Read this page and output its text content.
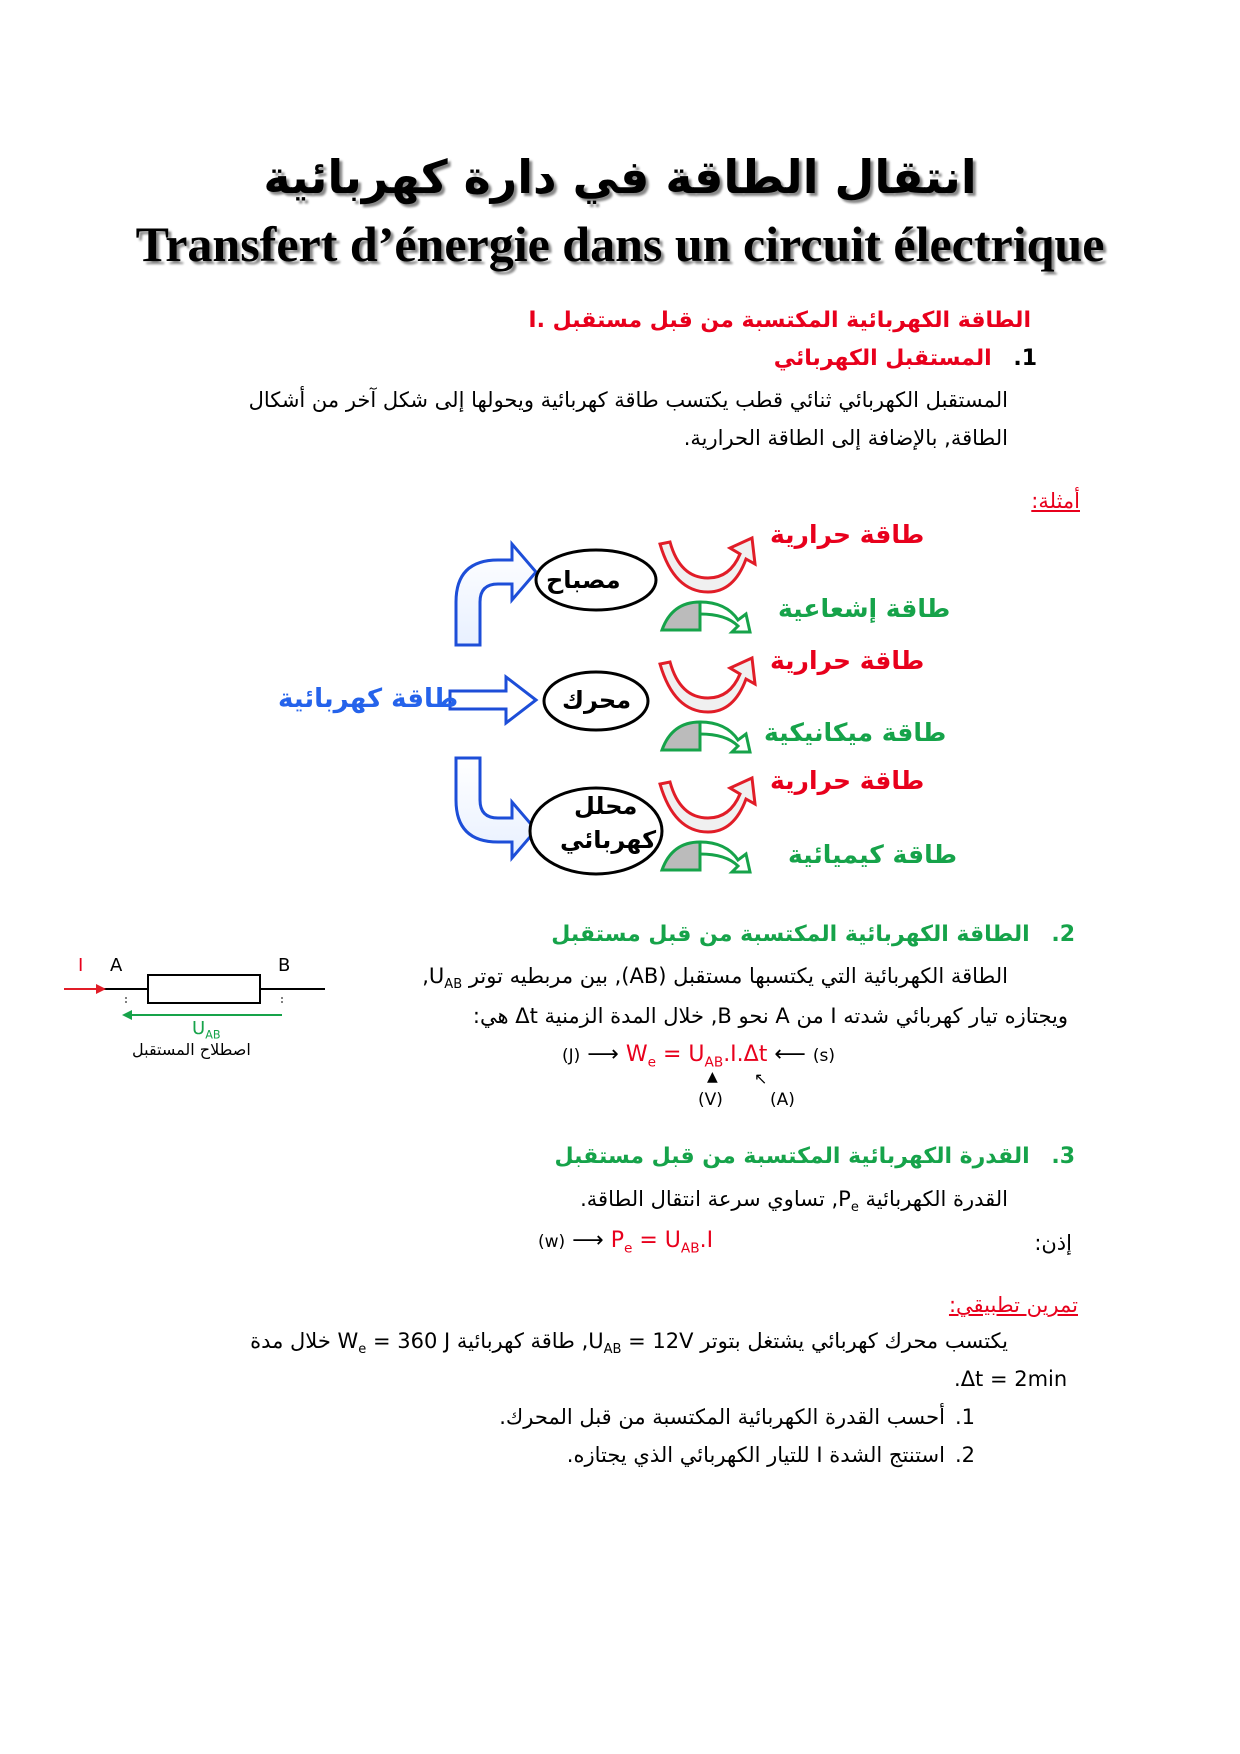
انتقال الطاقة في دارة كهربائية
Transfert d’énergie dans un circuit électrique
I. الطاقة الكهربائية المكتسبة من قبل مستقبل
1. المستقبل الكهربائي
المستقبل الكهربائي ثنائي قطب يكتسب طاقة كهربائية ويحولها إلى شكل آخر من أشكال
الطاقة, بالإضافة إلى الطاقة الحرارية.
أمثلة:
طاقة كهربائية
مصباح
محرك
محلل
كهربائي
طاقة حرارية
طاقة إشعاعية
طاقة حرارية
طاقة ميكانيكية
طاقة حرارية
طاقة كيميائية
2. الطاقة الكهربائية المكتسبة من قبل مستقبل
الطاقة الكهربائية التي يكتسبها مستقبل (AB), بين مربطيه توتر $U_{AB}$,
ويجتازه تيار كهربائي شدته I من A نحو B, خلال المدة الزمنية Δt هي:
(J) ⟶ $W_e = U_{AB}.I.\Delta t$ ⟵ (s)
▲ ↖
(V)	(A)
I A	B
$U_{AB}$
اصطلاح المستقبل
3. القدرة الكهربائية المكتسبة من قبل مستقبل
القدرة الكهربائية $P_e$, تساوي سرعة انتقال الطاقة.
إذن:
(w) ⟶ $P_e = U_{AB}.I$
تمرين تطبيقي:
يكتسب محرك كهربائي يشتغل بتوتر $U_{AB} = 12V$, طاقة كهربائية $W_e = 360$ J خلال مدة
Δt = 2min.
1.أحسب القدرة الكهربائية المكتسبة من قبل المحرك.
2.استنتج الشدة I للتيار الكهربائي الذي يجتازه.
